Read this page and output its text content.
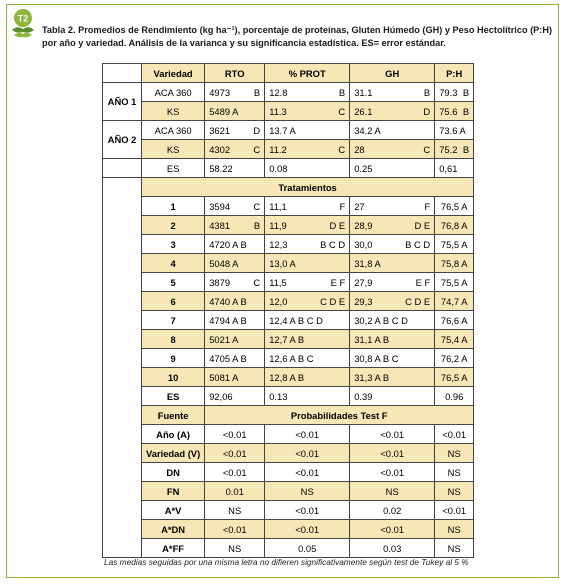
T2
Tabla 2. Promedios de Rendimiento (kg ha⁻¹), porcentaje de proteínas, Gluten Húmedo (GH) y Peso Hectolítrico (P:H) por año y variedad. Análisis de la varianca y su significancia estadística. ES= error estándar.
	Variedad	RTO	% PROT	GH	P:H
AÑO 1	ACA 360	4973 B	12.8 B	31.1 B	79.3 B

	KS	5489 A	11.3 C	26.1 D	75.6 B

AÑO 2	ACA 360	3621 D	13.7 A	34.2 A	73.6 A

	KS	4302 C	11.2 C	28 C	75.2 B

	ES	58.22	0.08	0.25	0,61

	Tratamientos				
	1	3594 C	11,1 F	27 F	76,5 A
	2	4381 B	11,9 D E	28,9 D E	76,8 A
	3	4720 A B	12,3 B C D	30,0 B C D	75,5 A
	4	5048 A	13,0 A	31,8 A	75,8 A
	5	3879 C	11,5 E F	27,9 E F	75,5 A
	6	4740 A B	12,0 C D E	29,3 C D E	74,7 A
	7	4794 A B	12,4 A B C D	30,2 A B C D	76,6 A
	8	5021 A	12,7 A B	31,1 A B	75,4 A
	9	4705 A B	12,6 A B C	30,8 A B C	76,2 A
	10	5081 A	12,8 A B	31,3 A B	76,5 A
	ES	92,06	0.13	0.39	0.96
	Fuente	Probabilidades Test F			
	Año (A)	<0.01	<0.01	<0.01	<0.01
	Variedad (V)	<0.01	<0.01	<0.01	NS
	DN	<0.01	<0.01	<0.01	NS
	FN	0.01	NS	NS	NS
	A*V	NS	<0.01	0.02	<0.01
	A*DN	<0.01	<0.01	<0.01	NS
	A*FF	NS	0.05	0.03	NS
Las medias seguidas por una misma letra no difieren significativamente según test de Tukey al 5 %
